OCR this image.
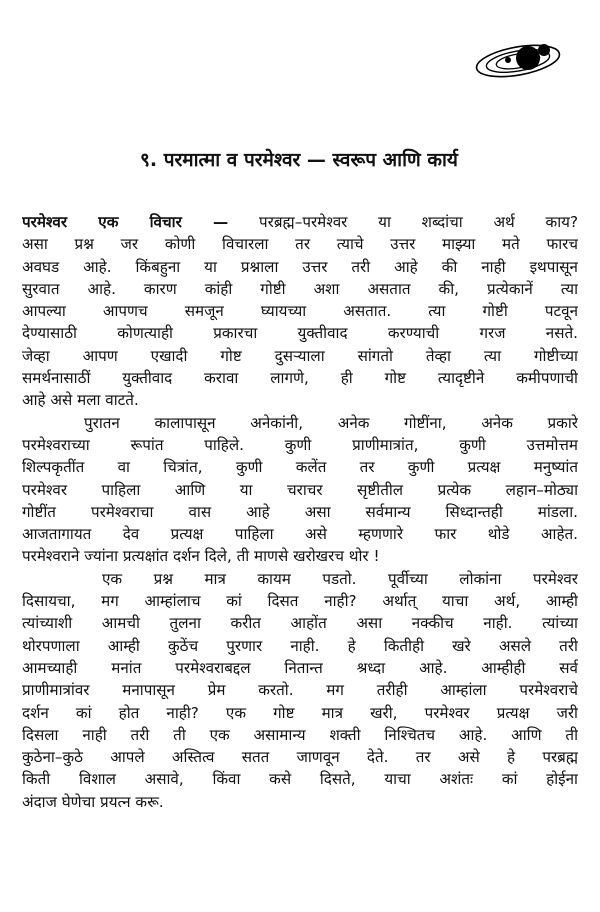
९. परमात्मा व परमेश्वर — स्वरूप आणि कार्य
परमेश्वर एक विचार — परब्रह्म–परमेश्वर या शब्दांचा अर्थ काय?
असा प्रश्न जर कोणी विचारला तर त्याचे उत्तर माझ्या मते फारच
अवघड आहे. किंबहुना या प्रश्नाला उत्तर तरी आहे की नाही इथपासून
सुरवात आहे. कारण कांही गोष्टी अशा असतात की, प्रत्येकानें त्या
आपल्या आपणच समजून घ्यायच्या असतात. त्या गोष्टी पटवून
देण्यासाठी कोणत्याही प्रकारचा युक्तीवाद करण्याची गरज नसते.
जेव्हा आपण एखादी गोष्ट दुसऱ्याला सांगतो तेव्हा त्या गोष्टीच्या
समर्थनासाठीं युक्तीवाद करावा लागणे, ही गोष्ट त्यादृष्टीने कमीपणाची
आहे असे मला वाटते.
पुरातन कालापासून अनेकांनी, अनेक गोष्टींना, अनेक प्रकारे
परमेश्वराच्या रूपांत पाहिले. कुणी प्राणीमात्रांत, कुणी उत्तमोत्तम
शिल्पकृतींत वा चित्रांत, कुणी कलेंत तर कुणी प्रत्यक्ष मनुष्यांत
परमेश्वर पाहिला आणि या चराचर सृष्टीतील प्रत्येक लहान–मोठ्या
गोष्टींत परमेश्वराचा वास आहे असा सर्वमान्य सिध्दान्तही मांडला.
आजतागायत देव प्रत्यक्ष पाहिला असे म्हणणारे फार थोडे आहेत.
परमेश्वराने ज्यांना प्रत्यक्षांत दर्शन दिले, ती माणसे खरोखरच थोर !
एक प्रश्न मात्र कायम पडतो. पूर्वीच्या लोकांना परमेश्वर
दिसायचा, मग आम्हांलाच कां दिसत नाही? अर्थात् याचा अर्थ, आम्ही
त्यांच्याशी आमची तुलना करीत आहोंत असा नक्कीच नाही. त्यांच्या
थोरपणाला आम्ही कुठेंच पुरणार नाही. हे कितीही खरे असले तरी
आमच्याही मनांत परमेश्वराबद्दल नितान्त श्रध्दा आहे. आम्हीही सर्व
प्राणीमात्रांवर मनापासून प्रेम करतो. मग तरीही आम्हांला परमेश्वराचे
दर्शन कां होत नाही? एक गोष्ट मात्र खरी, परमेश्वर प्रत्यक्ष जरी
दिसला नाही तरी ती एक असामान्य शक्ती निश्चितच आहे. आणि ती
कुठेना–कुठे आपले अस्तित्व सतत जाणवून देते. तर असे हे परब्रह्म
किती विशाल असावे, किंवा कसे दिसते, याचा अशंतः कां होईना
अंदाज घेणेचा प्रयत्न करू.
